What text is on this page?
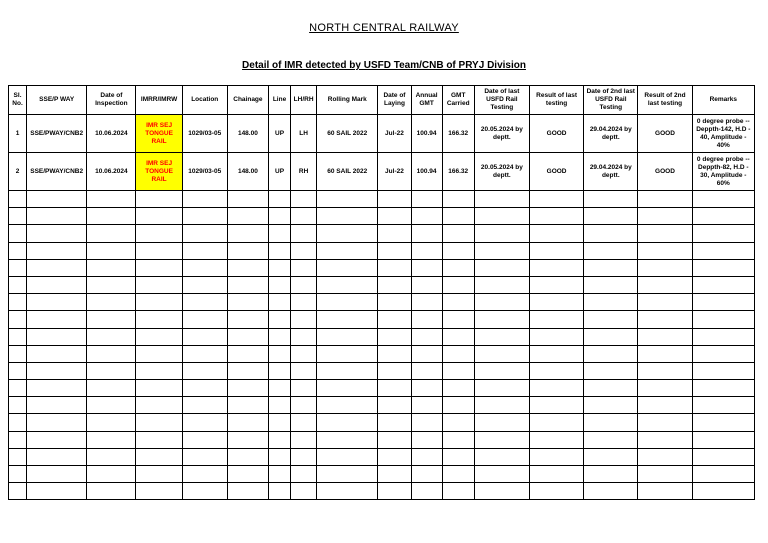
NORTH CENTRAL RAILWAY
Detail of IMR detected by USFD Team/CNB of PRYJ Division
Sl. No.	SSE/P WAY	Date of Inspection	IMRR/IMRW	Location	Chainage	Line	LH/RH	Rolling Mark	Date of Laying	Annual GMT	GMT Carried	Date of last USFD Rail Testing	Result of last testing	Date of 2nd last USFD Rail Testing	Result of 2nd last testing	Remarks
1	SSE/PWAY/CNB2	10.06.2024	IMR SEJ TONGUE RAIL	1029/03-05	148.00	UP	LH	60 SAIL 2022	Jul-22	100.94	166.32	20.05.2024 by deptt.	GOOD	29.04.2024 by deptt.	GOOD	0 degree probe -- Deppth-142, H.D - 40, Amplitude - 40%
2	SSE/PWAY/CNB2	10.06.2024	IMR SEJ TONGUE RAIL	1029/03-05	148.00	UP	RH	60 SAIL 2022	Jul-22	100.94	166.32	20.05.2024 by deptt.	GOOD	29.04.2024 by deptt.	GOOD	0 degree probe -- Deppth-82, H.D - 30, Amplitude - 60%
